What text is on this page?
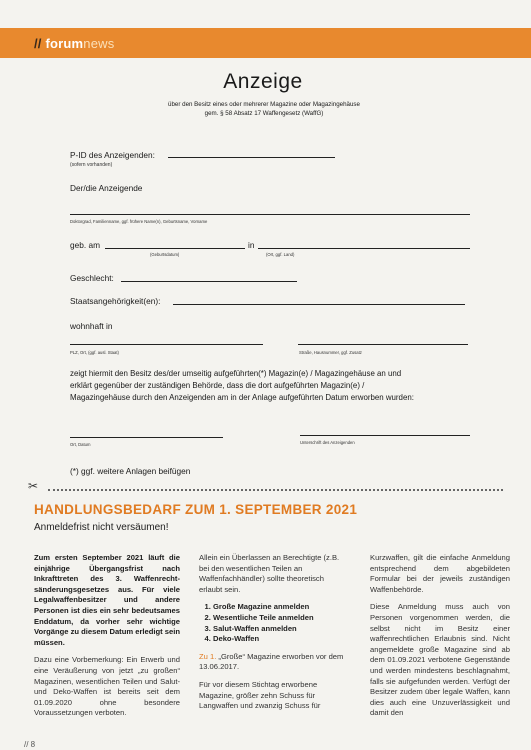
// forumnews
Anzeige
über den Besitz eines oder mehrerer Magazine oder Magazingehäuse
gem. § 58 Absatz 17 Waffengesetz (WaffG)
P-ID des Anzeigenden:
(sofern vorhanden)
Der/die Anzeigende
Doktorgrad, Familienname, ggf. frühere Name(n), Geburtsname, Vorname
geb. am
(Geburtsdatum)
in
(Ort, ggf. Land)
Geschlecht:
Staatsangehörigkeit(en):
wohnhaft in
PLZ, Ort, (ggf. ausl. Staat)	Straße, Hausnummer, ggf. Zusatz
zeigt hiermit den Besitz des/der umseitig aufgeführten(*) Magazin(e) / Magazingehäuse an und
erklärt gegenüber der zuständigen Behörde, dass die dort aufgeführten Magazin(e) /
Magazingehäuse durch den Anzeigenden am in der Anlage aufgeführten Datum erworben wurden:
Ort, Datum	Unterschrift des Anzeigenden
(*) ggf. weitere Anlagen beifügen
✂
HANDLUNGSBEDARF ZUM 1. SEPTEMBER 2021
Anmeldefrist nicht versäumen!

Zum ersten September 2021 läuft die einjährige Übergangsfrist nach Inkrafttreten des 3. Waffenrecht-sänderungsgesetzes aus. Für viele Legalwaffenbesitzer und andere Personen ist dies ein sehr bedeutsames Enddatum, da vorher sehr wichtige Vorgänge zu diesem Datum erledigt sein müssen.

Dazu eine Vorbemerkung: Ein Erwerb und eine Veräußerung von jetzt „zu großen“ Magazinen, wesentlichen Teilen und Salut- und Deko-Waffen ist bereits seit dem 01.09.2020 ohne besondere Voraussetzungen verboten.

Allein ein Überlassen an Berechtigte (z.B. bei den wesentlichen Teilen an Waffenfachhändler) sollte theoretisch erlaubt sein.

1. Große Magazine anmelden
2. Wesentliche Teile anmelden
3. Salut-Waffen anmelden
4. Deko-Waffen

Zu 1. „Große“ Magazine erworben vor dem 13.06.2017.

Für vor diesem Stichtag erworbene Magazine, größer zehn Schuss für Langwaffen und zwanzig Schuss für

Kurzwaffen, gilt die einfache Anmeldung entsprechend dem abgebildeten Formular bei der jeweils zuständigen Waffenbehörde.

Diese Anmeldung muss auch von Personen vorgenommen werden, die selbst nicht im Besitz einer waffenrechtlichen Erlaubnis sind. Nicht angemeldete große Magazine sind ab dem 01.09.2021 verbotene Gegenstände und werden mindestens beschlagnahmt, falls sie aufgefunden werden. Verfügt der Besitzer zudem über legale Waffen, kann dies auch eine Unzuverlässigkeit und damit den

// 8
